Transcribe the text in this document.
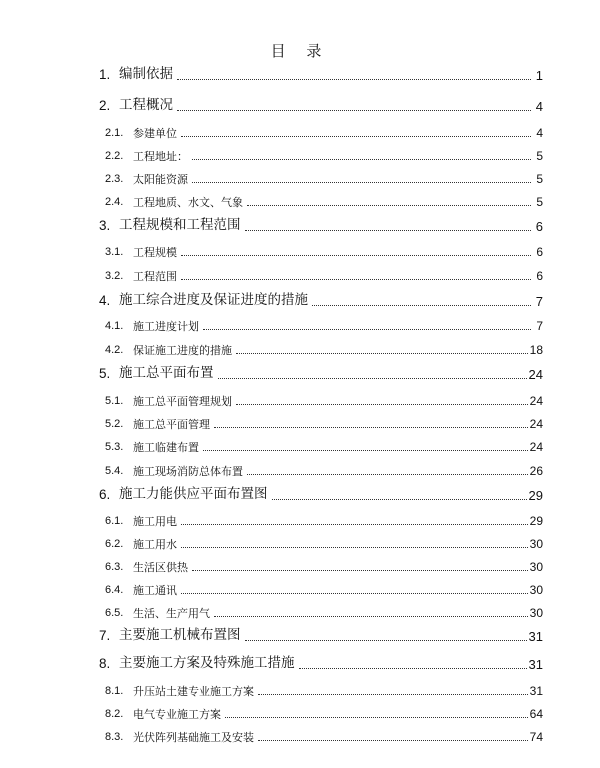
目 录
1. 编制依据	1
2. 工程概况	4
2.1. 参建单位	4
2.2. 工程地址：	5
2.3. 太阳能资源	5
2.4. 工程地质、水文、气象	5
3. 工程规模和工程范围	6
3.1. 工程规模	6
3.2. 工程范围	6
4. 施工综合进度及保证进度的措施	7
4.1. 施工进度计划	7
4.2. 保证施工进度的措施	18
5. 施工总平面布置	24
5.1. 施工总平面管理规划	24
5.2. 施工总平面管理	24
5.3. 施工临建布置	24
5.4. 施工现场消防总体布置	26
6. 施工力能供应平面布置图	29
6.1. 施工用电	29
6.2. 施工用水	30
6.3. 生活区供热	30
6.4. 施工通讯	30
6.5. 生活、生产用气	30
7. 主要施工机械布置图	31
8. 主要施工方案及特殊施工措施	31
8.1. 升压站土建专业施工方案	31
8.2. 电气专业施工方案	64
8.3. 光伏阵列基础施工及安装	74
